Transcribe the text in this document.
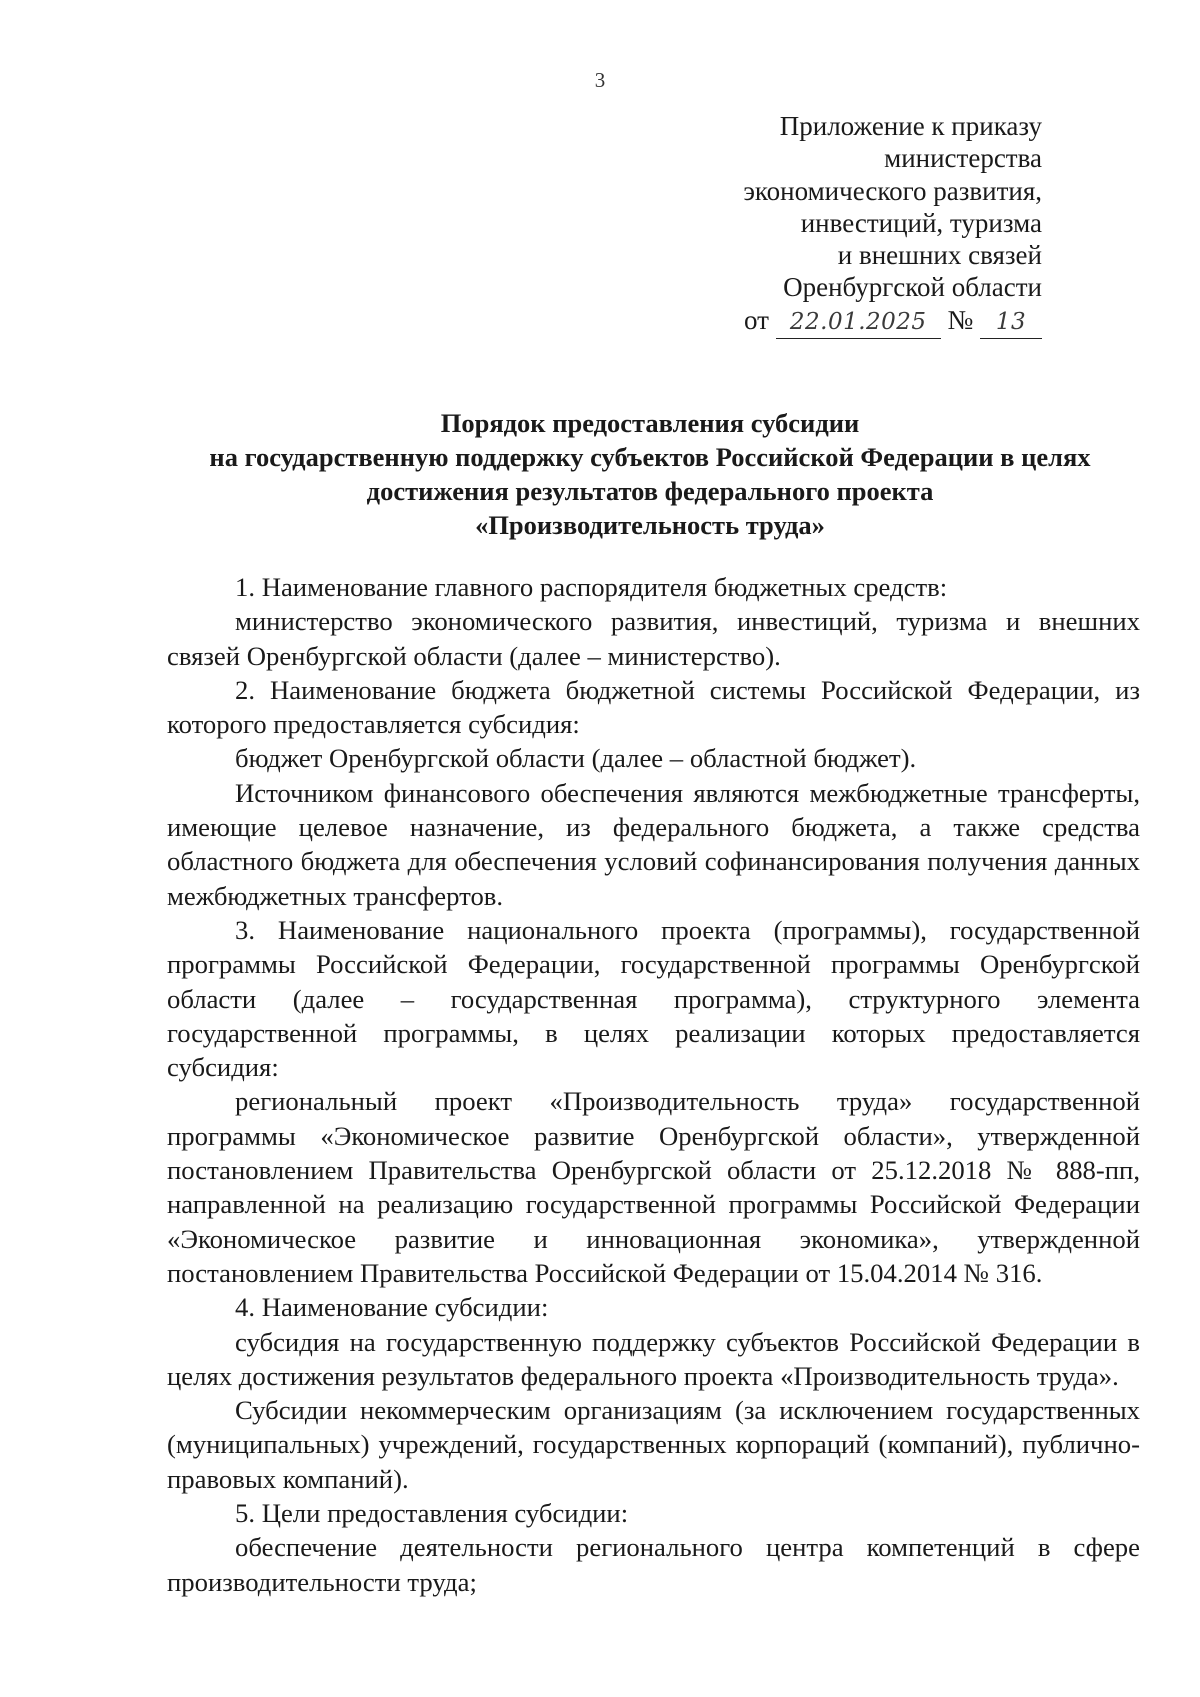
3
Приложение к приказу
министерства
экономического развития,
инвестиций, туризма
и внешних связей
Оренбургской области
от 22.01.2025 № 13
Порядок предоставления субсидии
на государственную поддержку субъектов Российской Федерации в целях
достижения результатов федерального проекта
«Производительность труда»

1. Наименование главного распорядителя бюджетных средств:

министерство экономического развития, инвестиций, туризма и внешних связей Оренбургской области (далее – министерство).

2. Наименование бюджета бюджетной системы Российской Федерации, из которого предоставляется субсидия:

бюджет Оренбургской области (далее – областной бюджет).

Источником финансового обеспечения являются межбюджетные трансферты, имеющие целевое назначение, из федерального бюджета, а также средства областного бюджета для обеспечения условий софинансирования получения данных межбюджетных трансфертов.

3. Наименование национального проекта (программы), государственной программы Российской Федерации, государственной программы Оренбургской области (далее – государственная программа), структурного элемента государственной программы, в целях реализации которых предоставляется субсидия:

региональный проект «Производительность труда» государственной программы «Экономическое развитие Оренбургской области», утвержденной постановлением Правительства Оренбургской области от 25.12.2018 № 888-пп, направленной на реализацию государственной программы Российской Федерации «Экономическое развитие и инновационная экономика», утвержденной постановлением Правительства Российской Федерации от 15.04.2014 № 316.

4. Наименование субсидии:

субсидия на государственную поддержку субъектов Российской Федерации в целях достижения результатов федерального проекта «Производительность труда».

Субсидии некоммерческим организациям (за исключением государственных (муниципальных) учреждений, государственных корпораций (компаний), публично-правовых компаний).

5. Цели предоставления субсидии:

обеспечение деятельности регионального центра компетенций в сфере производительности труда;
